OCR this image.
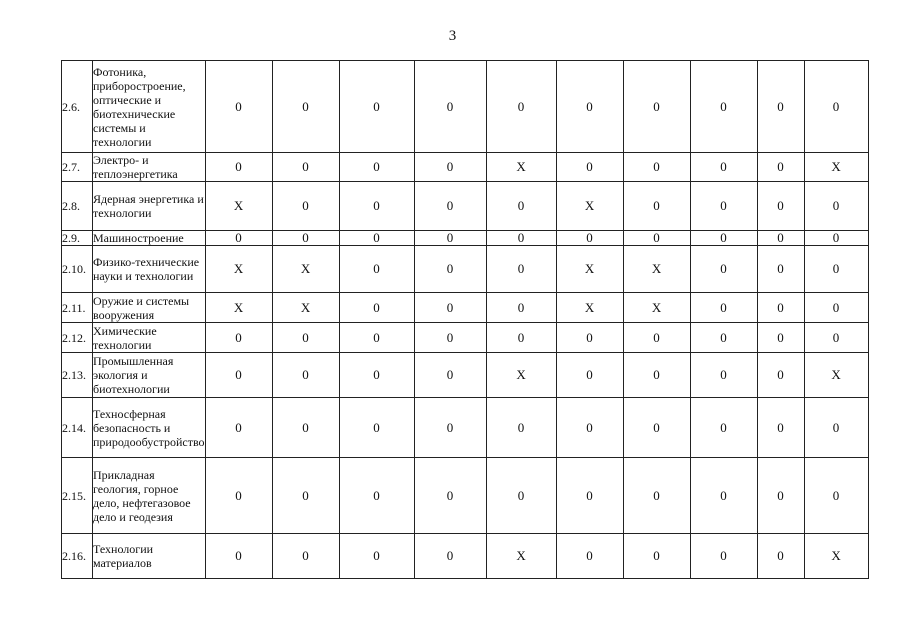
3
2.6.	Фотоника, приборостроение, оптические и биотехнические системы и технологии	0	0	0	0	0	0	0	0	0	0
2.7.	Электро- и теплоэнергетика	0	0	0	0	X	0	0	0	0	X
2.8.	Ядерная энергетика и технологии	X	0	0	0	0	X	0	0	0	0
2.9.	Машиностроение	0	0	0	0	0	0	0	0	0	0
2.10.	Физико-технические науки и технологии	X	X	0	0	0	X	X	0	0	0
2.11.	Оружие и системы вооружения	X	X	0	0	0	X	X	0	0	0
2.12.	Химические технологии	0	0	0	0	0	0	0	0	0	0
2.13.	Промышленная экология и биотехнологии	0	0	0	0	X	0	0	0	0	X
2.14.	Техносферная безопасность и природообустройство	0	0	0	0	0	0	0	0	0	0
2.15.	Прикладная геология, горное дело, нефтегазовое дело и геодезия	0	0	0	0	0	0	0	0	0	0
2.16.	Технологии материалов	0	0	0	0	X	0	0	0	0	X
